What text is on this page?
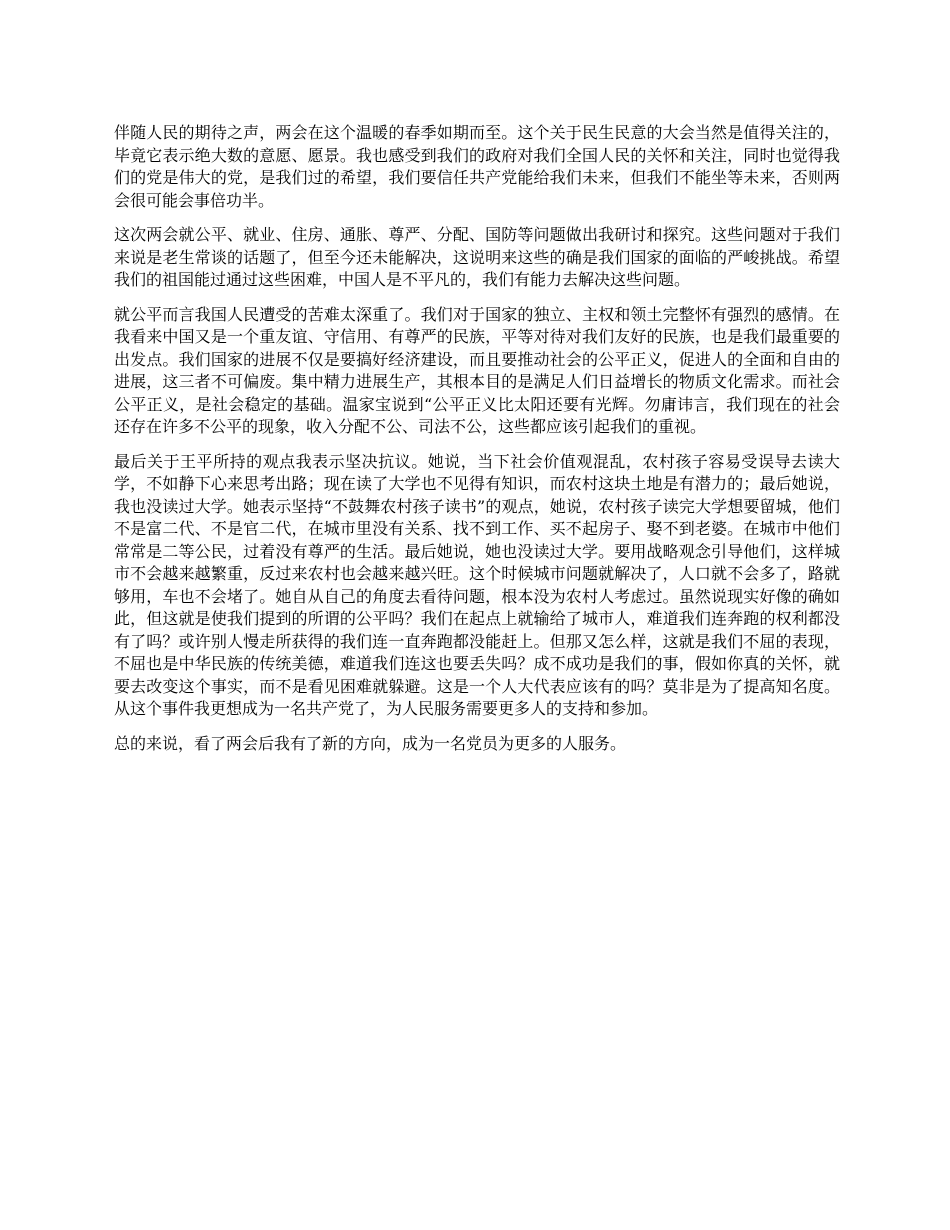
伴随人民的期待之声，两会在这个温暖的春季如期而至。这个关于民生民意的大会当然是值得关注的，毕竟它表示绝大数的意愿、愿景。我也感受到我们的政府对我们全国人民的关怀和关注，同时也觉得我们的党是伟大的党，是我们过的希望，我们要信任共产党能给我们未来，但我们不能坐等未来，否则两会很可能会事倍功半。

这次两会就公平、就业、住房、通胀、尊严、分配、国防等问题做出我研讨和探究。这些问题对于我们来说是老生常谈的话题了，但至今还未能解决，这说明来这些的确是我们国家的面临的严峻挑战。希望我们的祖国能过通过这些困难，中国人是不平凡的，我们有能力去解决这些问题。

就公平而言我国人民遭受的苦难太深重了。我们对于国家的独立、主权和领土完整怀有强烈的感情。在我看来中国又是一个重友谊、守信用、有尊严的民族，平等对待对我们友好的民族，也是我们最重要的出发点。我们国家的进展不仅是要搞好经济建设，而且要推动社会的公平正义，促进人的全面和自由的进展，这三者不可偏废。集中精力进展生产，其根本目的是满足人们日益增长的物质文化需求。而社会公平正义，是社会稳定的基础。温家宝说到“公平正义比太阳还要有光辉。勿庸讳言，我们现在的社会还存在许多不公平的现象，收入分配不公、司法不公，这些都应该引起我们的重视。

最后关于王平所持的观点我表示坚决抗议。她说，当下社会价值观混乱，农村孩子容易受误导去读大学，不如静下心来思考出路；现在读了大学也不见得有知识，而农村这块土地是有潜力的；最后她说，我也没读过大学。她表示坚持“不鼓舞农村孩子读书”的观点，她说，农村孩子读完大学想要留城，他们不是富二代、不是官二代，在城市里没有关系、找不到工作、买不起房子、娶不到老婆。在城市中他们常常是二等公民，过着没有尊严的生活。最后她说，她也没读过大学。要用战略观念引导他们，这样城市不会越来越繁重，反过来农村也会越来越兴旺。这个时候城市问题就解决了，人口就不会多了，路就够用，车也不会堵了。她自从自己的角度去看待问题，根本没为农村人考虑过。虽然说现实好像的确如此，但这就是使我们提到的所谓的公平吗？我们在起点上就输给了城市人，难道我们连奔跑的权利都没有了吗？或许别人慢走所获得的我们连一直奔跑都没能赶上。但那又怎么样，这就是我们不屈的表现，不屈也是中华民族的传统美德，难道我们连这也要丢失吗？成不成功是我们的事，假如你真的关怀，就要去改变这个事实，而不是看见困难就躲避。这是一个人大代表应该有的吗？莫非是为了提高知名度。从这个事件我更想成为一名共产党了，为人民服务需要更多人的支持和参加。

总的来说，看了两会后我有了新的方向，成为一名党员为更多的人服务。
